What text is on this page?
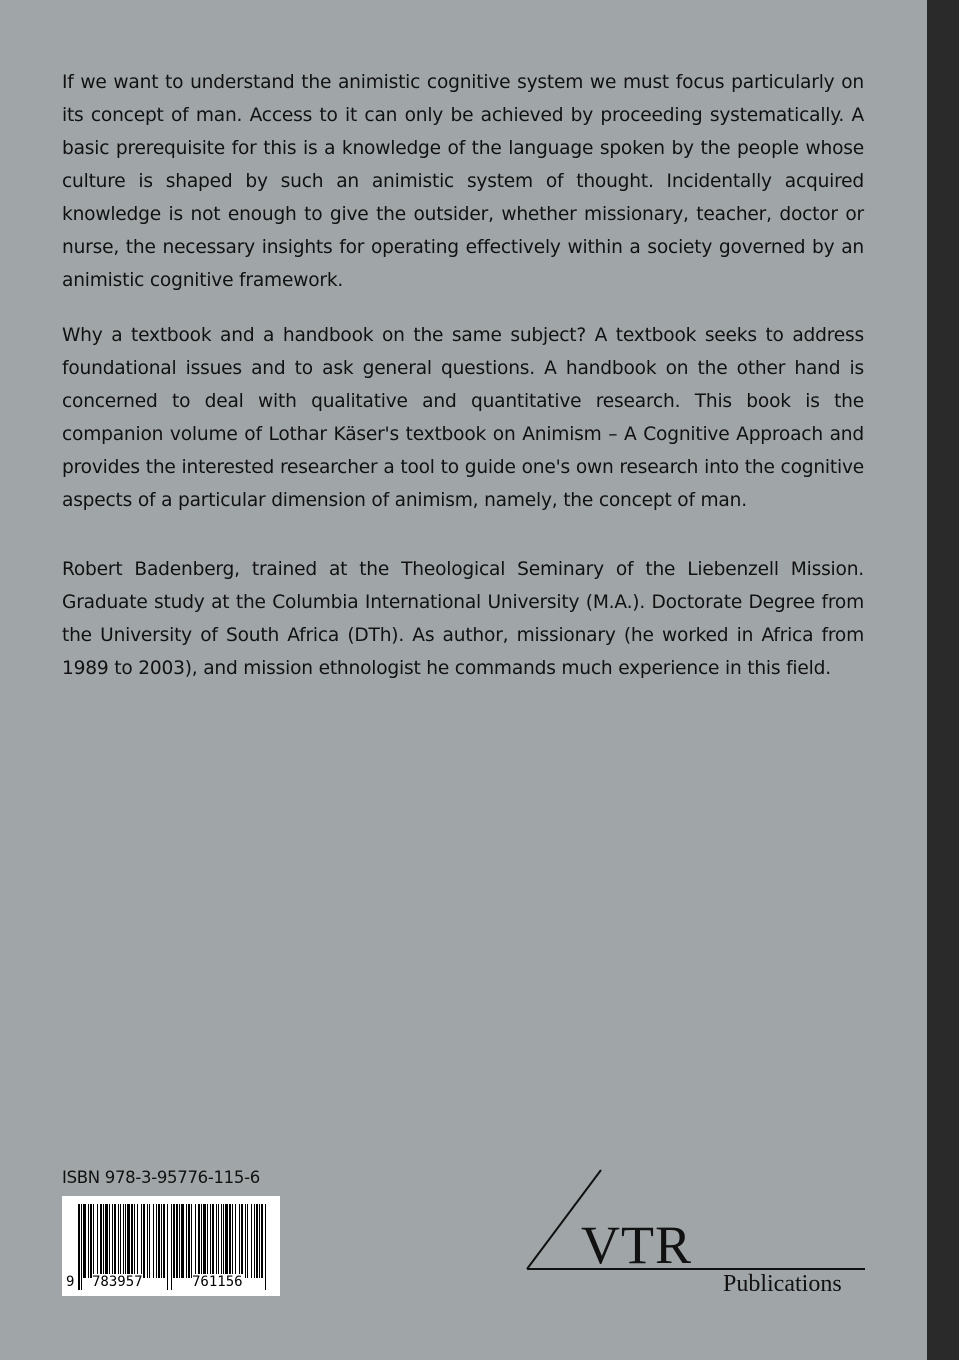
If we want to understand the animistic cognitive system we must focus particularly on its concept of man. Access to it can only be achieved by proceeding systematically. A basic prerequisite for this is a knowledge of the language spoken by the people whose culture is shaped by such an animistic system of thought. Incidentally acquired knowledge is not enough to give the outsider, whether missionary, teacher, doctor or nurse, the necessary insights for operating effectively within a society governed by an animistic cognitive framework.

Why a textbook and a handbook on the same subject? A textbook seeks to address foundational issues and to ask general questions. A handbook on the other hand is concerned to deal with qualitative and quantitative research. This book is the companion volume of Lothar Käser's textbook on Animism – A Cognitive Approach and provides the interested researcher a tool to guide one's own research into the cognitive aspects of a particular dimension of animism, namely, the concept of man.

Robert Badenberg, trained at the Theological Seminary of the Liebenzell Mission. Graduate study at the Columbia International University (M.A.). Doctorate Degree from the University of South Africa (DTh). As author, missionary (he worked in Africa from 1989 to 2003), and mission ethnologist he commands much experience in this field.

ISBN 978-3-95776-115-6
9 783957	761156
VTR
Publications
